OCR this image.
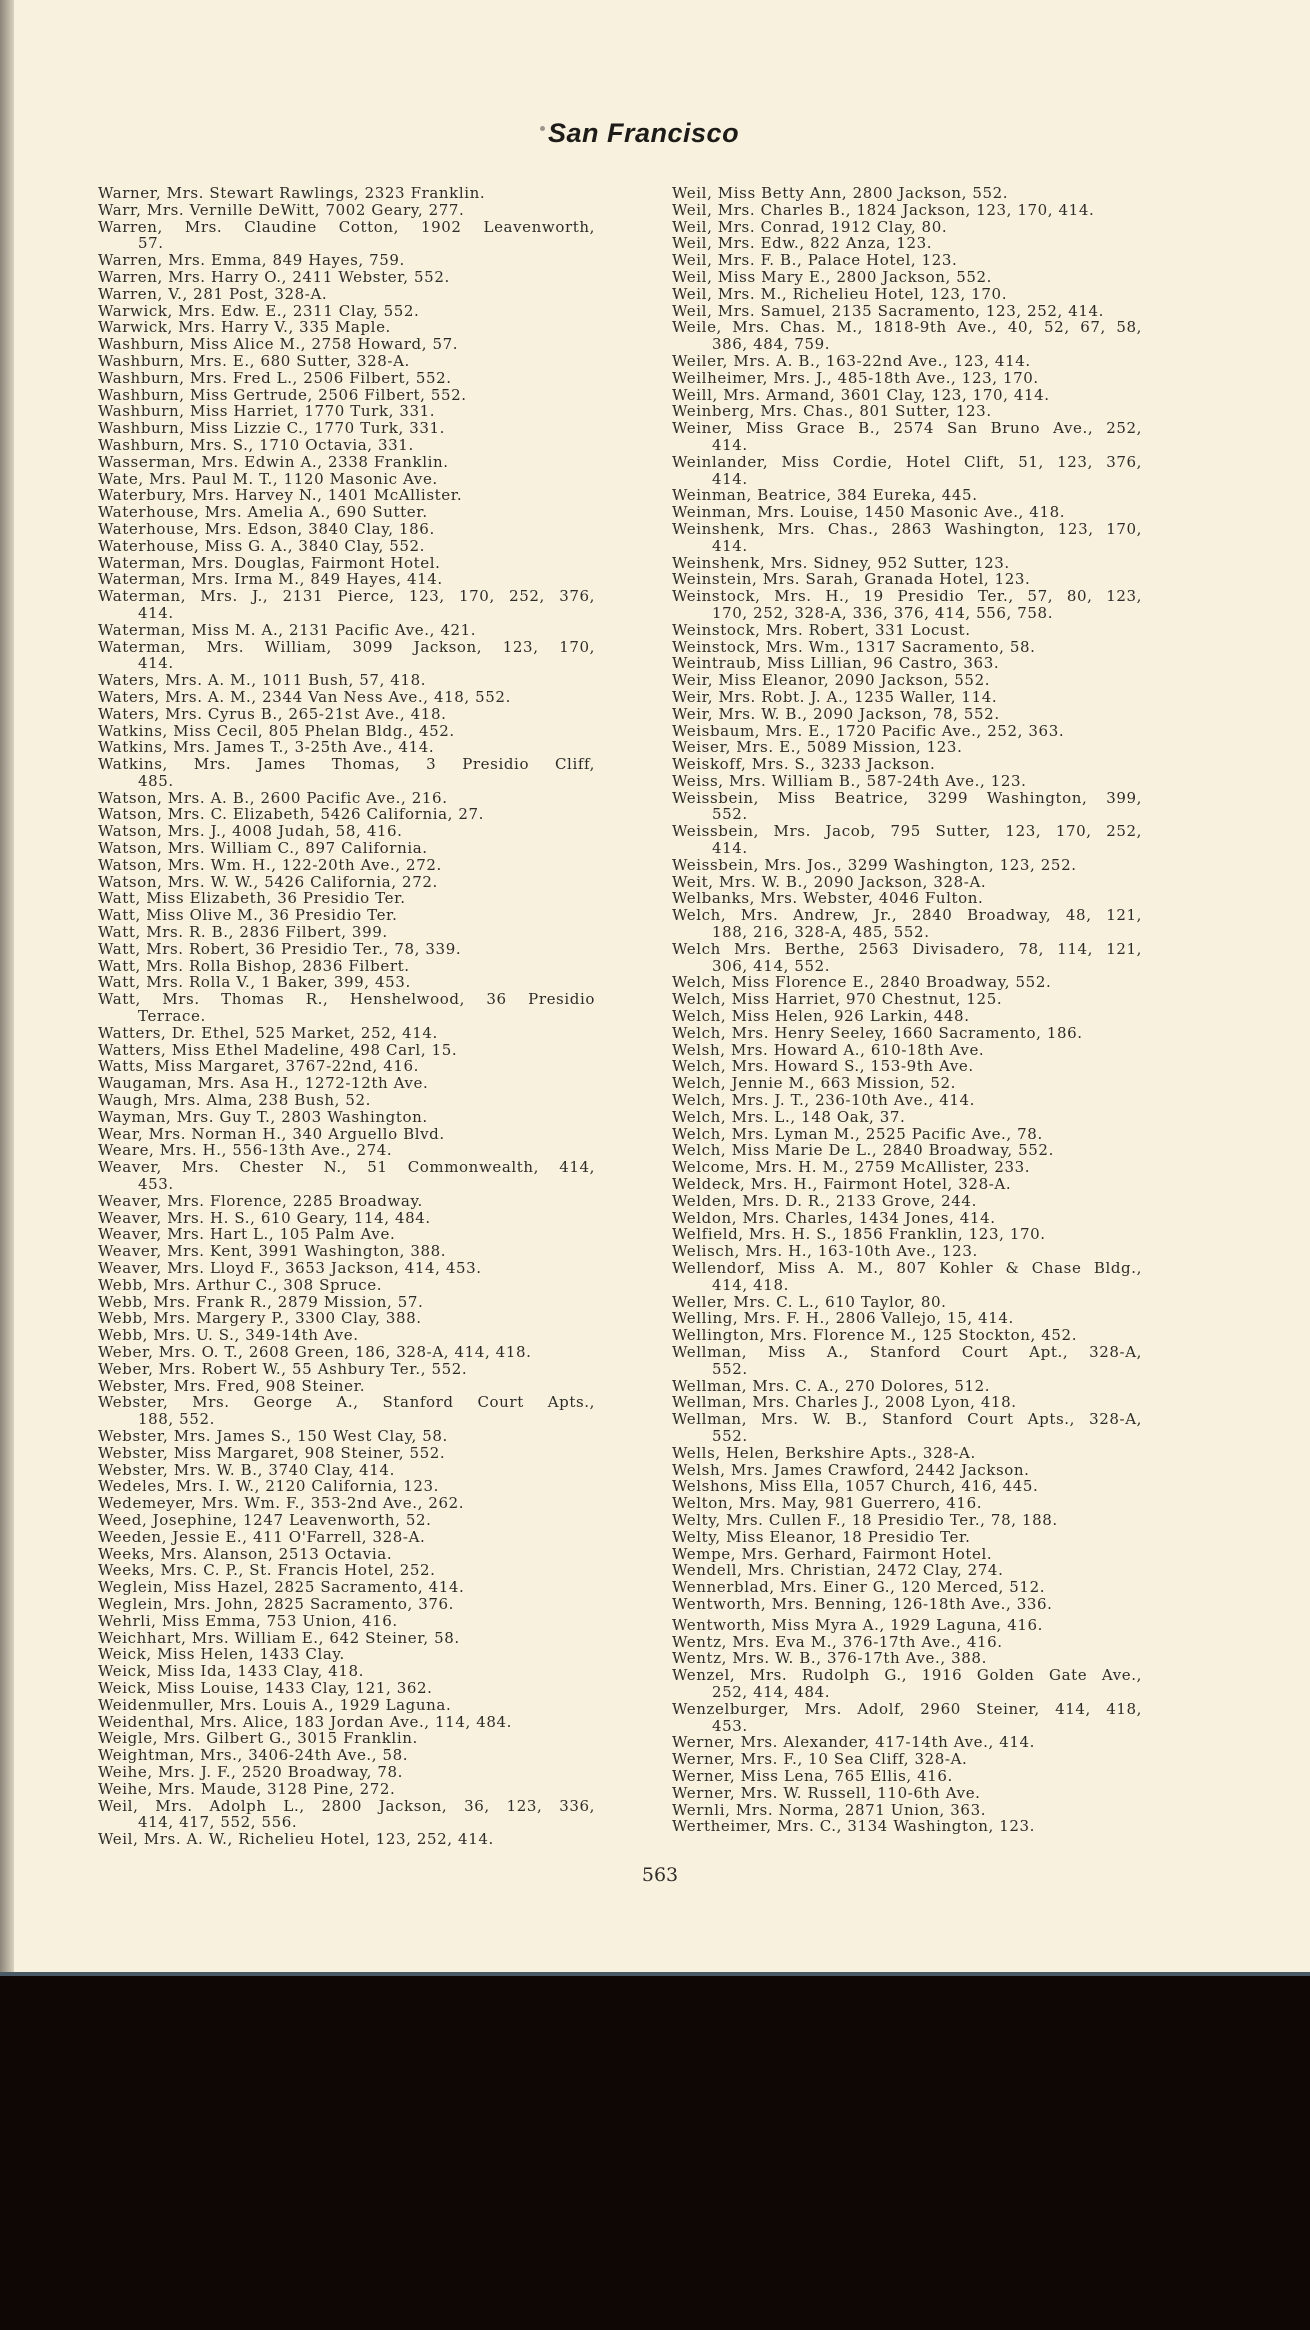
San Francisco
Warner, Mrs. Stewart Rawlings, 2323 Franklin.
Warr, Mrs. Vernille DeWitt, 7002 Geary, 277.
Warren, Mrs. Claudine Cotton, 1902 Leavenworth,
57.
Warren, Mrs. Emma, 849 Hayes, 759.
Warren, Mrs. Harry O., 2411 Webster, 552.
Warren, V., 281 Post, 328-A.
Warwick, Mrs. Edw. E., 2311 Clay, 552.
Warwick, Mrs. Harry V., 335 Maple.
Washburn, Miss Alice M., 2758 Howard, 57.
Washburn, Mrs. E., 680 Sutter, 328-A.
Washburn, Mrs. Fred L., 2506 Filbert, 552.
Washburn, Miss Gertrude, 2506 Filbert, 552.
Washburn, Miss Harriet, 1770 Turk, 331.
Washburn, Miss Lizzie C., 1770 Turk, 331.
Washburn, Mrs. S., 1710 Octavia, 331.
Wasserman, Mrs. Edwin A., 2338 Franklin.
Wate, Mrs. Paul M. T., 1120 Masonic Ave.
Waterbury, Mrs. Harvey N., 1401 McAllister.
Waterhouse, Mrs. Amelia A., 690 Sutter.
Waterhouse, Mrs. Edson, 3840 Clay, 186.
Waterhouse, Miss G. A., 3840 Clay, 552.
Waterman, Mrs. Douglas, Fairmont Hotel.
Waterman, Mrs. Irma M., 849 Hayes, 414.
Waterman, Mrs. J., 2131 Pierce, 123, 170, 252, 376,
414.
Waterman, Miss M. A., 2131 Pacific Ave., 421.
Waterman, Mrs. William, 3099 Jackson, 123, 170,
414.
Waters, Mrs. A. M., 1011 Bush, 57, 418.
Waters, Mrs. A. M., 2344 Van Ness Ave., 418, 552.
Waters, Mrs. Cyrus B., 265-21st Ave., 418.
Watkins, Miss Cecil, 805 Phelan Bldg., 452.
Watkins, Mrs. James T., 3-25th Ave., 414.
Watkins, Mrs. James Thomas, 3 Presidio Cliff,
485.
Watson, Mrs. A. B., 2600 Pacific Ave., 216.
Watson, Mrs. C. Elizabeth, 5426 California, 27.
Watson, Mrs. J., 4008 Judah, 58, 416.
Watson, Mrs. William C., 897 California.
Watson, Mrs. Wm. H., 122-20th Ave., 272.
Watson, Mrs. W. W., 5426 California, 272.
Watt, Miss Elizabeth, 36 Presidio Ter.
Watt, Miss Olive M., 36 Presidio Ter.
Watt, Mrs. R. B., 2836 Filbert, 399.
Watt, Mrs. Robert, 36 Presidio Ter., 78, 339.
Watt, Mrs. Rolla Bishop, 2836 Filbert.
Watt, Mrs. Rolla V., 1 Baker, 399, 453.
Watt, Mrs. Thomas R., Henshelwood, 36 Presidio
Terrace.
Watters, Dr. Ethel, 525 Market, 252, 414.
Watters, Miss Ethel Madeline, 498 Carl, 15.
Watts, Miss Margaret, 3767-22nd, 416.
Waugaman, Mrs. Asa H., 1272-12th Ave.
Waugh, Mrs. Alma, 238 Bush, 52.
Wayman, Mrs. Guy T., 2803 Washington.
Wear, Mrs. Norman H., 340 Arguello Blvd.
Weare, Mrs. H., 556-13th Ave., 274.
Weaver, Mrs. Chester N., 51 Commonwealth, 414,
453.
Weaver, Mrs. Florence, 2285 Broadway.
Weaver, Mrs. H. S., 610 Geary, 114, 484.
Weaver, Mrs. Hart L., 105 Palm Ave.
Weaver, Mrs. Kent, 3991 Washington, 388.
Weaver, Mrs. Lloyd F., 3653 Jackson, 414, 453.
Webb, Mrs. Arthur C., 308 Spruce.
Webb, Mrs. Frank R., 2879 Mission, 57.
Webb, Mrs. Margery P., 3300 Clay, 388.
Webb, Mrs. U. S., 349-14th Ave.
Weber, Mrs. O. T., 2608 Green, 186, 328-A, 414, 418.
Weber, Mrs. Robert W., 55 Ashbury Ter., 552.
Webster, Mrs. Fred, 908 Steiner.
Webster, Mrs. George A., Stanford Court Apts.,
188, 552.
Webster, Mrs. James S., 150 West Clay, 58.
Webster, Miss Margaret, 908 Steiner, 552.
Webster, Mrs. W. B., 3740 Clay, 414.
Wedeles, Mrs. I. W., 2120 California, 123.
Wedemeyer, Mrs. Wm. F., 353-2nd Ave., 262.
Weed, Josephine, 1247 Leavenworth, 52.
Weeden, Jessie E., 411 O'Farrell, 328-A.
Weeks, Mrs. Alanson, 2513 Octavia.
Weeks, Mrs. C. P., St. Francis Hotel, 252.
Weglein, Miss Hazel, 2825 Sacramento, 414.
Weglein, Mrs. John, 2825 Sacramento, 376.
Wehrli, Miss Emma, 753 Union, 416.
Weichhart, Mrs. William E., 642 Steiner, 58.
Weick, Miss Helen, 1433 Clay.
Weick, Miss Ida, 1433 Clay, 418.
Weick, Miss Louise, 1433 Clay, 121, 362.
Weidenmuller, Mrs. Louis A., 1929 Laguna.
Weidenthal, Mrs. Alice, 183 Jordan Ave., 114, 484.
Weigle, Mrs. Gilbert G., 3015 Franklin.
Weightman, Mrs., 3406-24th Ave., 58.
Weihe, Mrs. J. F., 2520 Broadway, 78.
Weihe, Mrs. Maude, 3128 Pine, 272.
Weil, Mrs. Adolph L., 2800 Jackson, 36, 123, 336,
414, 417, 552, 556.
Weil, Mrs. A. W., Richelieu Hotel, 123, 252, 414.
Weil, Miss Betty Ann, 2800 Jackson, 552.
Weil, Mrs. Charles B., 1824 Jackson, 123, 170, 414.
Weil, Mrs. Conrad, 1912 Clay, 80.
Weil, Mrs. Edw., 822 Anza, 123.
Weil, Mrs. F. B., Palace Hotel, 123.
Weil, Miss Mary E., 2800 Jackson, 552.
Weil, Mrs. M., Richelieu Hotel, 123, 170.
Weil, Mrs. Samuel, 2135 Sacramento, 123, 252, 414.
Weile, Mrs. Chas. M., 1818-9th Ave., 40, 52, 67, 58,
386, 484, 759.
Weiler, Mrs. A. B., 163-22nd Ave., 123, 414.
Weilheimer, Mrs. J., 485-18th Ave., 123, 170.
Weill, Mrs. Armand, 3601 Clay, 123, 170, 414.
Weinberg, Mrs. Chas., 801 Sutter, 123.
Weiner, Miss Grace B., 2574 San Bruno Ave., 252,
414.
Weinlander, Miss Cordie, Hotel Clift, 51, 123, 376,
414.
Weinman, Beatrice, 384 Eureka, 445.
Weinman, Mrs. Louise, 1450 Masonic Ave., 418.
Weinshenk, Mrs. Chas., 2863 Washington, 123, 170,
414.
Weinshenk, Mrs. Sidney, 952 Sutter, 123.
Weinstein, Mrs. Sarah, Granada Hotel, 123.
Weinstock, Mrs. H., 19 Presidio Ter., 57, 80, 123,
170, 252, 328-A, 336, 376, 414, 556, 758.
Weinstock, Mrs. Robert, 331 Locust.
Weinstock, Mrs. Wm., 1317 Sacramento, 58.
Weintraub, Miss Lillian, 96 Castro, 363.
Weir, Miss Eleanor, 2090 Jackson, 552.
Weir, Mrs. Robt. J. A., 1235 Waller, 114.
Weir, Mrs. W. B., 2090 Jackson, 78, 552.
Weisbaum, Mrs. E., 1720 Pacific Ave., 252, 363.
Weiser, Mrs. E., 5089 Mission, 123.
Weiskoff, Mrs. S., 3233 Jackson.
Weiss, Mrs. William B., 587-24th Ave., 123.
Weissbein, Miss Beatrice, 3299 Washington, 399,
552.
Weissbein, Mrs. Jacob, 795 Sutter, 123, 170, 252,
414.
Weissbein, Mrs. Jos., 3299 Washington, 123, 252.
Weit, Mrs. W. B., 2090 Jackson, 328-A.
Welbanks, Mrs. Webster, 4046 Fulton.
Welch, Mrs. Andrew, Jr., 2840 Broadway, 48, 121,
188, 216, 328-A, 485, 552.
Welch Mrs. Berthe, 2563 Divisadero, 78, 114, 121,
306, 414, 552.
Welch, Miss Florence E., 2840 Broadway, 552.
Welch, Miss Harriet, 970 Chestnut, 125.
Welch, Miss Helen, 926 Larkin, 448.
Welch, Mrs. Henry Seeley, 1660 Sacramento, 186.
Welsh, Mrs. Howard A., 610-18th Ave.
Welch, Mrs. Howard S., 153-9th Ave.
Welch, Jennie M., 663 Mission, 52.
Welch, Mrs. J. T., 236-10th Ave., 414.
Welch, Mrs. L., 148 Oak, 37.
Welch, Mrs. Lyman M., 2525 Pacific Ave., 78.
Welch, Miss Marie De L., 2840 Broadway, 552.
Welcome, Mrs. H. M., 2759 McAllister, 233.
Weldeck, Mrs. H., Fairmont Hotel, 328-A.
Welden, Mrs. D. R., 2133 Grove, 244.
Weldon, Mrs. Charles, 1434 Jones, 414.
Welfield, Mrs. H. S., 1856 Franklin, 123, 170.
Welisch, Mrs. H., 163-10th Ave., 123.
Wellendorf, Miss A. M., 807 Kohler & Chase Bldg.,
414, 418.
Weller, Mrs. C. L., 610 Taylor, 80.
Welling, Mrs. F. H., 2806 Vallejo, 15, 414.
Wellington, Mrs. Florence M., 125 Stockton, 452.
Wellman, Miss A., Stanford Court Apt., 328-A,
552.
Wellman, Mrs. C. A., 270 Dolores, 512.
Wellman, Mrs. Charles J., 2008 Lyon, 418.
Wellman, Mrs. W. B., Stanford Court Apts., 328-A,
552.
Wells, Helen, Berkshire Apts., 328-A.
Welsh, Mrs. James Crawford, 2442 Jackson.
Welshons, Miss Ella, 1057 Church, 416, 445.
Welton, Mrs. May, 981 Guerrero, 416.
Welty, Mrs. Cullen F., 18 Presidio Ter., 78, 188.
Welty, Miss Eleanor, 18 Presidio Ter.
Wempe, Mrs. Gerhard, Fairmont Hotel.
Wendell, Mrs. Christian, 2472 Clay, 274.
Wennerblad, Mrs. Einer G., 120 Merced, 512.
Wentworth, Mrs. Benning, 126-18th Ave., 336.
Wentworth, Miss Myra A., 1929 Laguna, 416.
Wentz, Mrs. Eva M., 376-17th Ave., 416.
Wentz, Mrs. W. B., 376-17th Ave., 388.
Wenzel, Mrs. Rudolph G., 1916 Golden Gate Ave.,
252, 414, 484.
Wenzelburger, Mrs. Adolf, 2960 Steiner, 414, 418,
453.
Werner, Mrs. Alexander, 417-14th Ave., 414.
Werner, Mrs. F., 10 Sea Cliff, 328-A.
Werner, Miss Lena, 765 Ellis, 416.
Werner, Mrs. W. Russell, 110-6th Ave.
Wernli, Mrs. Norma, 2871 Union, 363.
Wertheimer, Mrs. C., 3134 Washington, 123.
563
